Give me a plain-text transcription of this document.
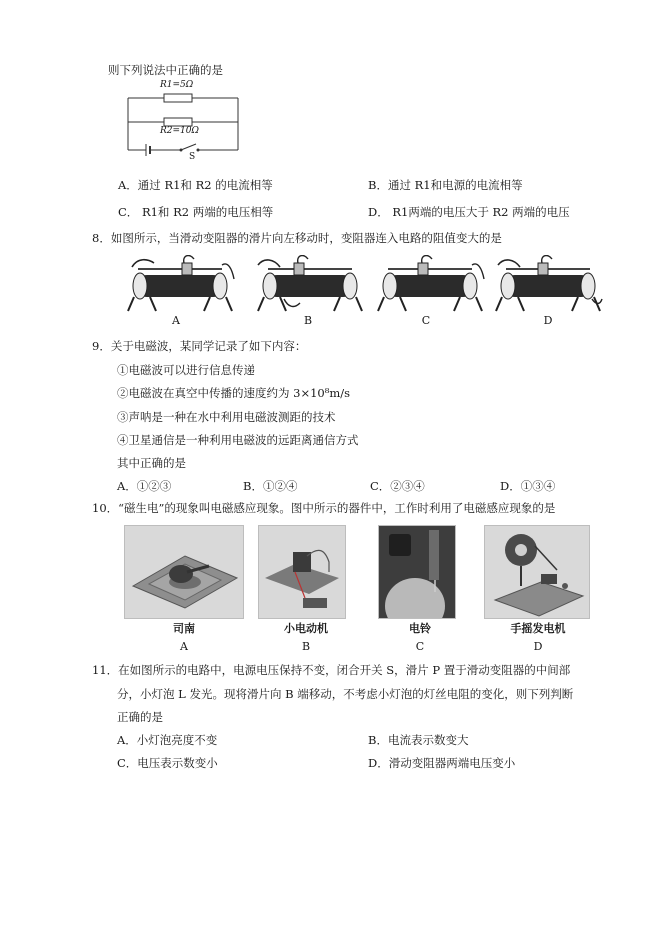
则下列说法中正确的是
R1=5Ω
R2=10Ω
S
A．通过 R1和 R2 的电流相等	B．通过 R1和电源的电流相等
C． R1和 R2 两端的电压相等	D． R1两端的电压大于 R2 两端的电压
8．如图所示，当滑动变阻器的滑片向左移动时，变阻器连入电路的阻值变大的是
A	B	C	D
9．关于电磁波，某同学记录了如下内容：
①电磁波可以进行信息传递
②电磁波在真空中传播的速度约为 3×10⁸m/s
③声呐是一种在水中利用电磁波测距的技术
④卫星通信是一种利用电磁波的远距离通信方式
其中正确的是
A．①②③	B．①②④	C．②③④	D．①③④
10．“磁生电”的现象叫电磁感应现象。图中所示的器件中，工作时利用了电磁感应现象的是
司南	小电动机	电铃	手摇发电机
A	B	C	D
11．在如图所示的电路中，电源电压保持不变，闭合开关 S，滑片 P 置于滑动变阻器的中间部
分，小灯泡 L 发光。现将滑片向 B 端移动，不考虑小灯泡的灯丝电阻的变化，则下列判断
正确的是
A．小灯泡亮度不变	B．电流表示数变大
C．电压表示数变小	D．滑动变阻器两端电压变小
